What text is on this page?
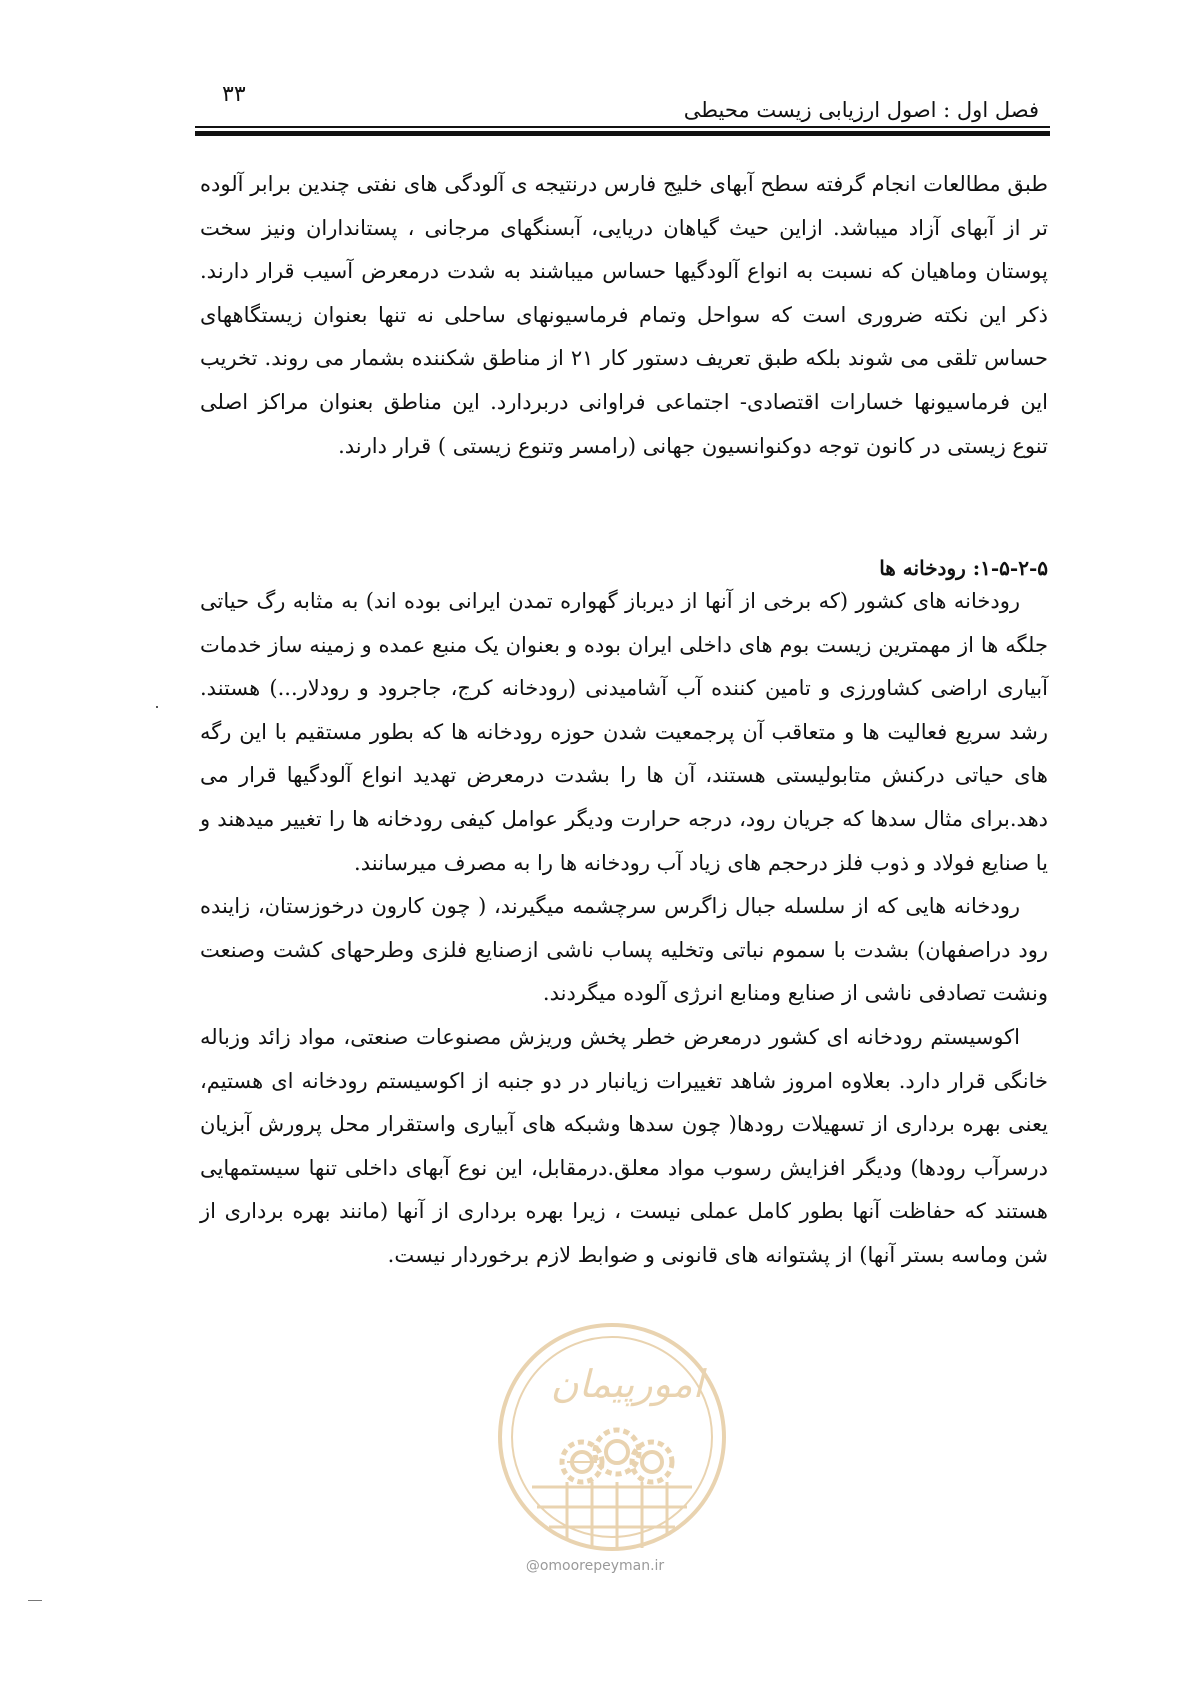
۳۳
فصل اول : اصول ارزیابی زیست محیطی

طبق مطالعات انجام گرفته سطح آبهای خلیج فارس درنتیجه ی آلودگی های نفتی چندین برابر آلوده تر از آبهای آزاد میباشد. ازاین حیث گیاهان دریایی، آبسنگهای مرجانی ، پستانداران ونیز سخت پوستان وماهیان که نسبت به انواع آلودگیها حساس میباشند به شدت درمعرض آسیب قرار دارند. ذکر این نکته ضروری است که سواحل وتمام فرماسیونهای ساحلی نه تنها بعنوان زیستگاههای حساس تلقی می شوند بلکه طبق تعریف دستور کار ۲۱ از مناطق شکننده بشمار می روند. تخریب این فرماسیونها خسارات اقتصادی- اجتماعی فراوانی دربردارد. این مناطق بعنوان مراکز اصلی تنوع زیستی در کانون توجه دوکنوانسیون جهانی (رامسر وتنوع زیستی ) قرار دارند.

۱-۵-۲-۵: رودخانه ها

رودخانه های کشور (که برخی از آنها از دیرباز گهواره تمدن ایرانی بوده اند) به مثابه رگ حیاتی جلگه ها از مهمترین زیست بوم های داخلی ایران بوده و بعنوان یک منبع عمده و زمینه ساز خدمات آبیاری اراضی کشاورزی و تامین کننده آب آشامیدنی (رودخانه کرج، جاجرود و رودلار...) هستند. رشد سریع فعالیت ها و متعاقب آن پرجمعیت شدن حوزه رودخانه ها که بطور مستقیم با این رگه های حیاتی درکنش متابولیستی هستند، آن ها را بشدت درمعرض تهدید انواع آلودگیها قرار می دهد.برای مثال سدها که جریان رود، درجه حرارت وديگر عوامل کیفی رودخانه ها را تغییر میدهند و یا صنایع فولاد و ذوب فلز درحجم های زیاد آب رودخانه ها را به مصرف میرسانند.

رودخانه هایی که از سلسله جبال زاگرس سرچشمه میگیرند، ( چون کارون درخوزستان، زاینده رود دراصفهان) بشدت با سموم نباتی وتخلیه پساب ناشی ازصنایع فلزی وطرحهای کشت وصنعت ونشت تصادفی ناشی از صنایع ومنابع انرژی آلوده میگردند.

اکوسیستم رودخانه ای کشور درمعرض خطر پخش وریزش مصنوعات صنعتی، مواد زائد وزباله خانگی قرار دارد. بعلاوه امروز شاهد تغییرات زیانبار در دو جنبه از اکوسیستم رودخانه ای هستیم، یعنی بهره برداری از تسهیلات رودها( چون سدها وشبکه های آبیاری واستقرار محل پرورش آبزیان درسرآب رودها) ودیگر افزایش رسوب مواد معلق.درمقابل، این نوع آبهای داخلی تنها سیستمهایی هستند که حفاظت آنها بطور کامل عملی نیست ، زیرا بهره برداری از آنها (مانند بهره برداری از شن وماسه بستر آنها) از پشتوانه های قانونی و ضوابط لازم برخوردار نیست.

امورپیمان
@omoorepeyman.ir
